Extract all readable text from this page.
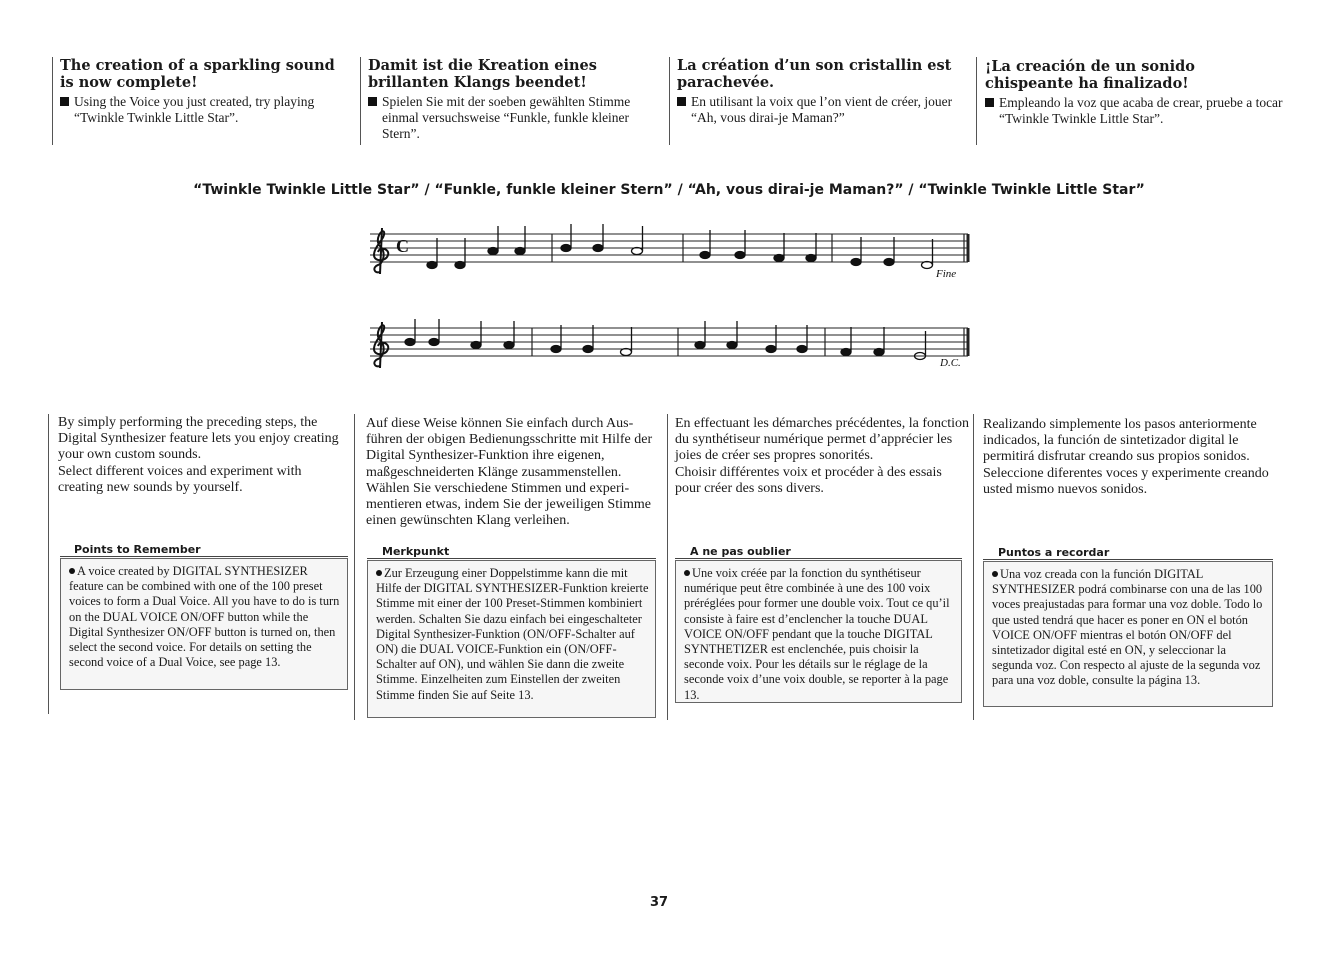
The creation of a sparkling sound is now complete!

Using the Voice you just created, try playing “Twinkle Twinkle Little Star”.

Damit ist die Kreation eines brillanten Klangs beendet!

Spielen Sie mit der soeben gewählten Stimme einmal versuchsweise “Funkle, funkle kleiner Stern”.

La création d’un son cristallin est parachevée.

En utilisant la voix que l’on vient de créer, jouer “Ah, vous dirai-je Maman?”

¡La creación de un sonido chispeante ha finalizado!

Empleando la voz que acaba de crear, pruebe a tocar “Twinkle Twinkle Little Star”.

“Twinkle Twinkle Little Star” / “Funkle, funkle kleiner Stern” / “Ah, vous dirai-je Maman?” / “Twinkle Twinkle Little Star”
C
Fine
D.C.

By simply performing the preceding steps, the Digital Synthesizer feature lets you enjoy creating your own custom sounds.
Select different voices and experiment with creating new sounds by yourself.

Auf diese Weise können Sie einfach durch Aus-führen der obigen Bedienungsschritte mit Hilfe der Digital Synthesizer-Funktion ihre eigenen, maßgeschneiderten Klänge zusammenstellen.
Wählen Sie verschiedene Stimmen und experi-mentieren etwas, indem Sie der jeweiligen Stimme einen gewünschten Klang verleihen.

En effectuant les démarches précédentes, la fonction du synthétiseur numérique permet d’apprécier les joies de créer ses propres sonorités.
Choisir différentes voix et procéder à des essais pour créer des sons divers.

Realizando simplemente los pasos anteriormente indicados, la función de sintetizador digital le permitirá disfrutar creando sus propios sonidos.
Seleccione diferentes voces y experimente creando usted mismo nuevos sonidos.

Points to Remember
A voice created by DIGITAL SYNTHESIZER feature can be combined with one of the 100 preset voices to form a Dual Voice. All you have to do is turn on the DUAL VOICE ON/OFF button while the Digital Synthesizer ON/OFF button is turned on, then select the second voice. For details on setting the second voice of a Dual Voice, see page 13.
Merkpunkt
Zur Erzeugung einer Doppelstimme kann die mit Hilfe der DIGITAL SYNTHESIZER-Funktion kreierte Stimme mit einer der 100 Preset-Stimmen kombiniert werden. Schalten Sie dazu einfach bei eingeschalteter Digital Synthesizer-Funktion (ON/OFF-Schalter auf ON) die DUAL VOICE-Funktion ein (ON/OFF-Schalter auf ON), und wählen Sie dann die zweite Stimme. Einzelheiten zum Einstellen der zweiten Stimme finden Sie auf Seite 13.
A ne pas oublier
Une voix créée par la fonction du synthétiseur numérique peut être combinée à une des 100 voix préréglées pour former une double voix. Tout ce qu’il consiste à faire est d’enclencher la touche DUAL VOICE ON/OFF pendant que la touche DIGITAL SYNTHETIZER est enclenchée, puis choisir la seconde voix. Pour les détails sur le réglage de la seconde voix d’une voix double, se reporter à la page 13.
Puntos a recordar
Una voz creada con la función DIGITAL SYNTHESIZER podrá combinarse con una de las 100 voces preajustadas para formar una voz doble. Todo lo que usted tendrá que hacer es poner en ON el botón VOICE ON/OFF mientras el botón ON/OFF del sintetizador digital esté en ON, y seleccionar la segunda voz. Con respecto al ajuste de la segunda voz para una voz doble, consulte la página 13.
37
